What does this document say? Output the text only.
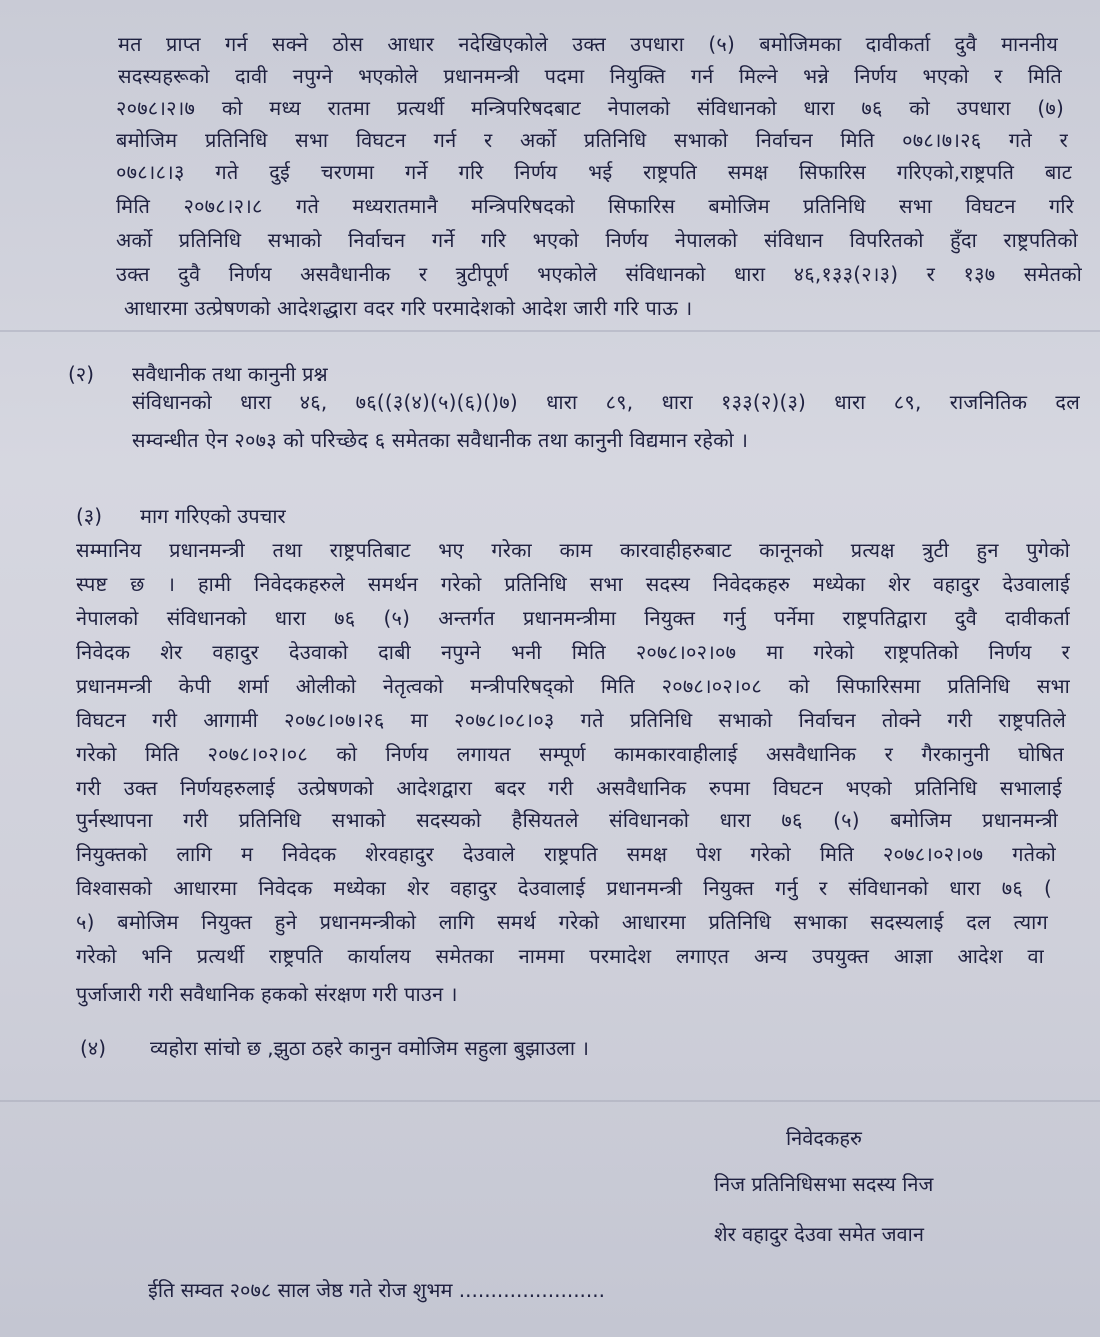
मत प्राप्त गर्न सक्ने ठोस आधार नदेखिएकोले उक्त उपधारा (५) बमोजिमका दावीकर्ता दुवै माननीय
सदस्यहरूको दावी नपुग्ने भएकोले प्रधानमन्त्री पदमा नियुक्ति गर्न मिल्ने भन्ने निर्णय भएको र मिति
२०७८।२।७ को मध्य रातमा प्रत्यर्थी मन्त्रिपरिषदबाट नेपालको संविधानको धारा ७६ को उपधारा (७)
बमोजिम प्रतिनिधि सभा विघटन गर्न र अर्को प्रतिनिधि सभाको निर्वाचन मिति ०७८।७।२६ गते र
०७८।८।३ गते दुई चरणमा गर्ने गरि निर्णय भई राष्ट्रपति समक्ष सिफारिस गरिएको,राष्ट्रपति बाट
मिति २०७८।२।८ गते मध्यरातमानै मन्त्रिपरिषदको सिफारिस बमोजिम प्रतिनिधि सभा विघटन गरि
अर्को प्रतिनिधि सभाको निर्वाचन गर्ने गरि भएको निर्णय नेपालको संविधान विपरितको हुँदा राष्ट्रपतिको
उक्त दुवै निर्णय असवैधानीक र त्रुटीपूर्ण भएकोले संविधानको धारा ४६,१३३(२।३) र १३७ समेतको
आधारमा उत्प्रेषणको आदेशद्धारा वदर गरि परमादेशको आदेश जारी गरि पाऊ ।
(२) सवैधानीक तथा कानुनी प्रश्न
संविधानको धारा ४६, ७६((३(४)(५)(६)()७) धारा ८९, धारा १३३(२)(३) धारा ८९, राजनितिक दल
सम्वन्धीत ऐन २०७३ को परिच्छेद ६ समेतका सवैधानीक तथा कानुनी विद्यमान रहेको ।
(३) माग गरिएको उपचार
सम्मानिय प्रधानमन्त्री तथा राष्ट्रपतिबाट भए गरेका काम कारवाहीहरुबाट कानूनको प्रत्यक्ष त्रुटी हुन पुगेको
स्पष्ट छ । हामी निवेदकहरुले समर्थन गरेको प्रतिनिधि सभा सदस्य निवेदकहरु मध्येका शेर वहादुर देउवालाई
नेपालको संविधानको धारा ७६ (५) अन्तर्गत प्रधानमन्त्रीमा नियुक्त गर्नु पर्नेमा राष्ट्रपतिद्वारा दुवै दावीकर्ता
निवेदक शेर वहादुर देउवाको दाबी नपुग्ने भनी मिति २०७८।०२।०७ मा गरेको राष्ट्रपतिको निर्णय र
प्रधानमन्त्री केपी शर्मा ओलीको नेतृत्वको मन्त्रीपरिषद्को मिति २०७८।०२।०८ को सिफारिसमा प्रतिनिधि सभा
विघटन गरी आगामी २०७८।०७।२६ मा २०७८।०८।०३ गते प्रतिनिधि सभाको निर्वाचन तोक्ने गरी राष्ट्रपतिले
गरेको मिति २०७८।०२।०८ को निर्णय लगायत सम्पूर्ण कामकारवाहीलाई असवैधानिक र गैरकानुनी घोषित
गरी उक्त निर्णयहरुलाई उत्प्रेषणको आदेशद्वारा बदर गरी असवैधानिक रुपमा विघटन भएको प्रतिनिधि सभालाई
पुर्नस्थापना गरी प्रतिनिधि सभाको सदस्यको हैसियतले संविधानको धारा ७६ (५) बमोजिम प्रधानमन्त्री
नियुक्तको लागि म निवेदक शेरवहादुर देउवाले राष्ट्रपति समक्ष पेश गरेको मिति २०७८।०२।०७ गतेको
विश्वासको आधारमा निवेदक मध्येका शेर वहादुर देउवालाई प्रधानमन्त्री नियुक्त गर्नु र संविधानको धारा ७६ (
५) बमोजिम नियुक्त हुने प्रधानमन्त्रीको लागि समर्थ गरेको आधारमा प्रतिनिधि सभाका सदस्यलाई दल त्याग
गरेको भनि प्रत्यर्थी राष्ट्रपति कार्यालय समेतका नाममा परमादेश लगाएत अन्य उपयुक्त आज्ञा आदेश वा
पुर्जाजारी गरी सवैधानिक हकको संरक्षण गरी पाउन ।
(४) व्यहोरा सांचो छ ,झुठा ठहरे कानुन वमोजिम सहुला बुझाउला ।
निवेदकहरु
निज प्रतिनिधिसभा सदस्य निज
शेर वहादुर देउवा समेत जवान
ईति सम्वत २०७८ साल जेष्ठ गते रोज शुभम .......................
